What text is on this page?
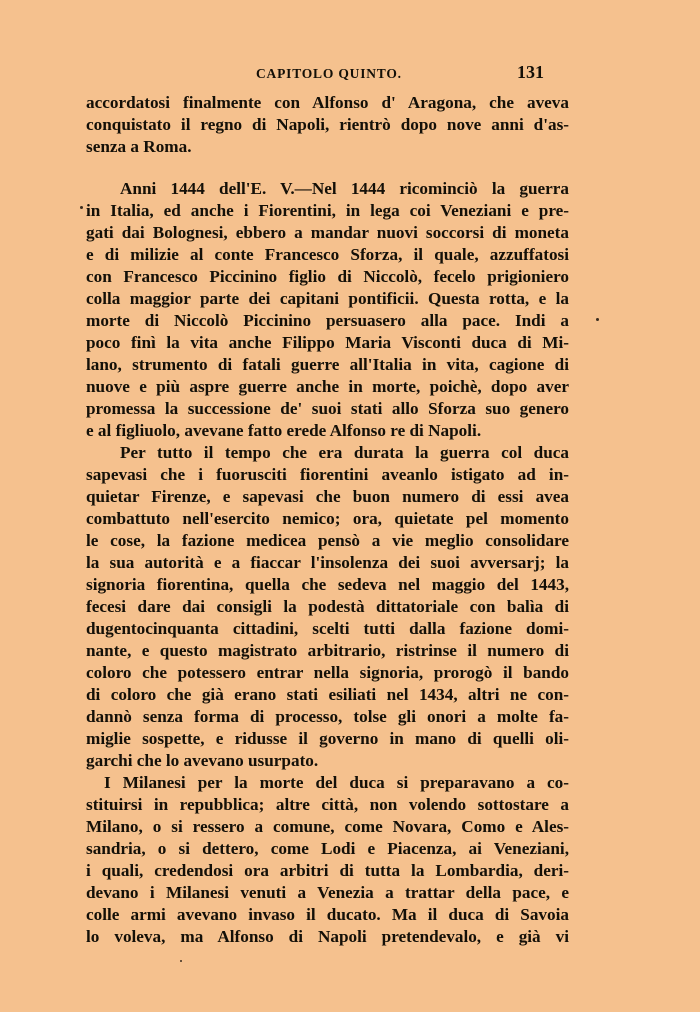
CAPITOLO QUINTO.	131
accordatosi finalmente con Alfonso d' Aragona, che aveva
conquistato il regno di Napoli, rientrò dopo nove anni d'as-
senza a Roma.
Anni 1444 dell'E. V.—Nel 1444 ricominciò la guerra
in Italia, ed anche i Fiorentini, in lega coi Veneziani e pre-
gati dai Bolognesi, ebbero a mandar nuovi soccorsi di moneta
e di milizie al conte Francesco Sforza, il quale, azzuffatosi
con Francesco Piccinino figlio di Niccolò, fecelo prigioniero
colla maggior parte dei capitani pontificii. Questa rotta, e la
morte di Niccolò Piccinino persuasero alla pace. Indi a
poco finì la vita anche Filippo Maria Visconti duca di Mi-
lano, strumento di fatali guerre all'Italia in vita, cagione di
nuove e più aspre guerre anche in morte, poichè, dopo aver
promessa la successione de' suoi stati allo Sforza suo genero
e al figliuolo, avevane fatto erede Alfonso re di Napoli.
Per tutto il tempo che era durata la guerra col duca
sapevasi che i fuorusciti fiorentini aveanlo istigato ad in-
quietar Firenze, e sapevasi che buon numero di essi avea
combattuto nell'esercito nemico; ora, quietate pel momento
le cose, la fazione medicea pensò a vie meglio consolidare
la sua autorità e a fiaccar l'insolenza dei suoi avversarj; la
signoria fiorentina, quella che sedeva nel maggio del 1443,
fecesi dare dai consigli la podestà dittatoriale con balìa di
dugentocinquanta cittadini, scelti tutti dalla fazione domi-
nante, e questo magistrato arbitrario, ristrinse il numero di
coloro che potessero entrar nella signoria, prorogò il bando
di coloro che già erano stati esiliati nel 1434, altri ne con-
dannò senza forma di processo, tolse gli onori a molte fa-
miglie sospette, e ridusse il governo in mano di quelli oli-
garchi che lo avevano usurpato.
I Milanesi per la morte del duca si preparavano a co-
stituirsi in repubblica; altre città, non volendo sottostare a
Milano, o si ressero a comune, come Novara, Como e Ales-
sandria, o si dettero, come Lodi e Piacenza, ai Veneziani,
i quali, credendosi ora arbitri di tutta la Lombardia, deri-
devano i Milanesi venuti a Venezia a trattar della pace, e
colle armi avevano invaso il ducato. Ma il duca di Savoia
lo voleva, ma Alfonso di Napoli pretendevalo, e già vi
